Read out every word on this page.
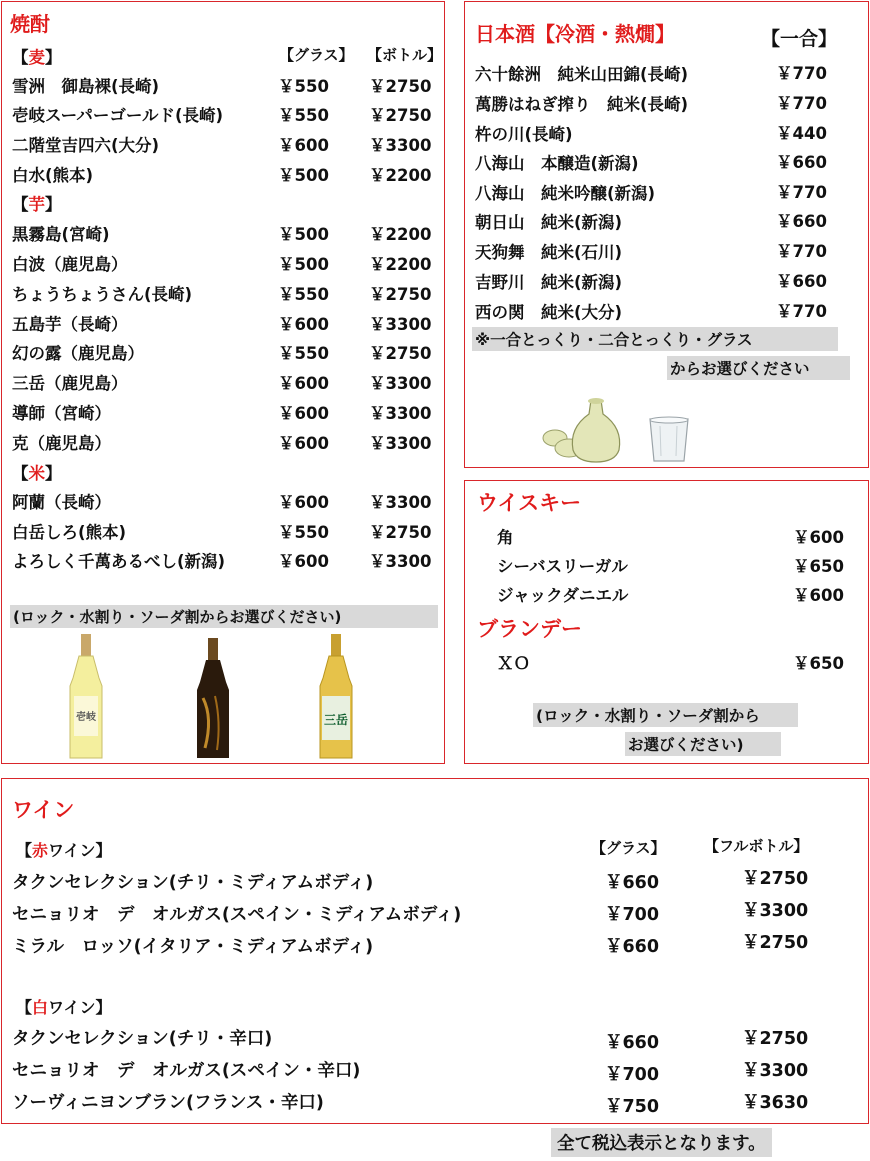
焼酎
【グラス】 【ボトル】
【麦】
雪洲　御島裸(長崎)	￥550 ￥2750
壱岐スーパーゴールド(長崎)	￥550 ￥2750
二階堂吉四六(大分)	￥600 ￥3300
白水(熊本)	￥500 ￥2200
【芋】
黒霧島(宮崎)	￥500 ￥2200
白波（鹿児島）	￥500 ￥2200
ちょうちょうさん(長崎)	￥550 ￥2750
五島芋（長崎）	￥600 ￥3300
幻の露（鹿児島）	￥550 ￥2750
三岳（鹿児島）	￥600 ￥3300
導師（宮崎）	￥600 ￥3300
克（鹿児島）	￥600 ￥3300
【米】
阿蘭（長崎）	￥600 ￥3300
白岳しろ(熊本)	￥550 ￥2750
よろしく千萬あるべし(新潟)	￥600 ￥3300
(ロック・水割り・ソーダ割からお選びください)
壱岐	三岳
日本酒【冷酒・熱燗】	【一合】
六十餘洲　純米山田錦(長崎)	￥770
萬勝はねぎ搾り　純米(長崎)	￥770
杵の川(長崎)	￥440
八海山　本醸造(新潟)	￥660
八海山　純米吟醸(新潟)	￥770
朝日山　純米(新潟)	￥660
天狗舞　純米(石川)	￥770
吉野川　純米(新潟)	￥660
西の関　純米(大分)	￥770
※一合とっくり・二合とっくり・グラス
からお選びください
ウイスキー
角	￥600
シーバスリーガル	￥650
ジャックダニエル	￥600
ブランデー
ＸＯ	￥650
(ロック・水割り・ソーダ割から
お選びください)
ワイン
【グラス】	【フルボトル】
【赤ワイン】
タクンセレクション(チリ・ミディアムボディ)	￥660	￥2750
セニョリオ　デ　オルガス(スペイン・ミディアムボディ)	￥700	￥3300
ミラル　ロッソ(イタリア・ミディアムボディ)	￥660	￥2750
【白ワイン】
タクンセレクション(チリ・辛口)	￥660	￥2750
セニョリオ　デ　オルガス(スペイン・辛口)	￥700	￥3300
ソーヴィニヨンブラン(フランス・辛口)	￥750	￥3630
全て税込表示となります。
